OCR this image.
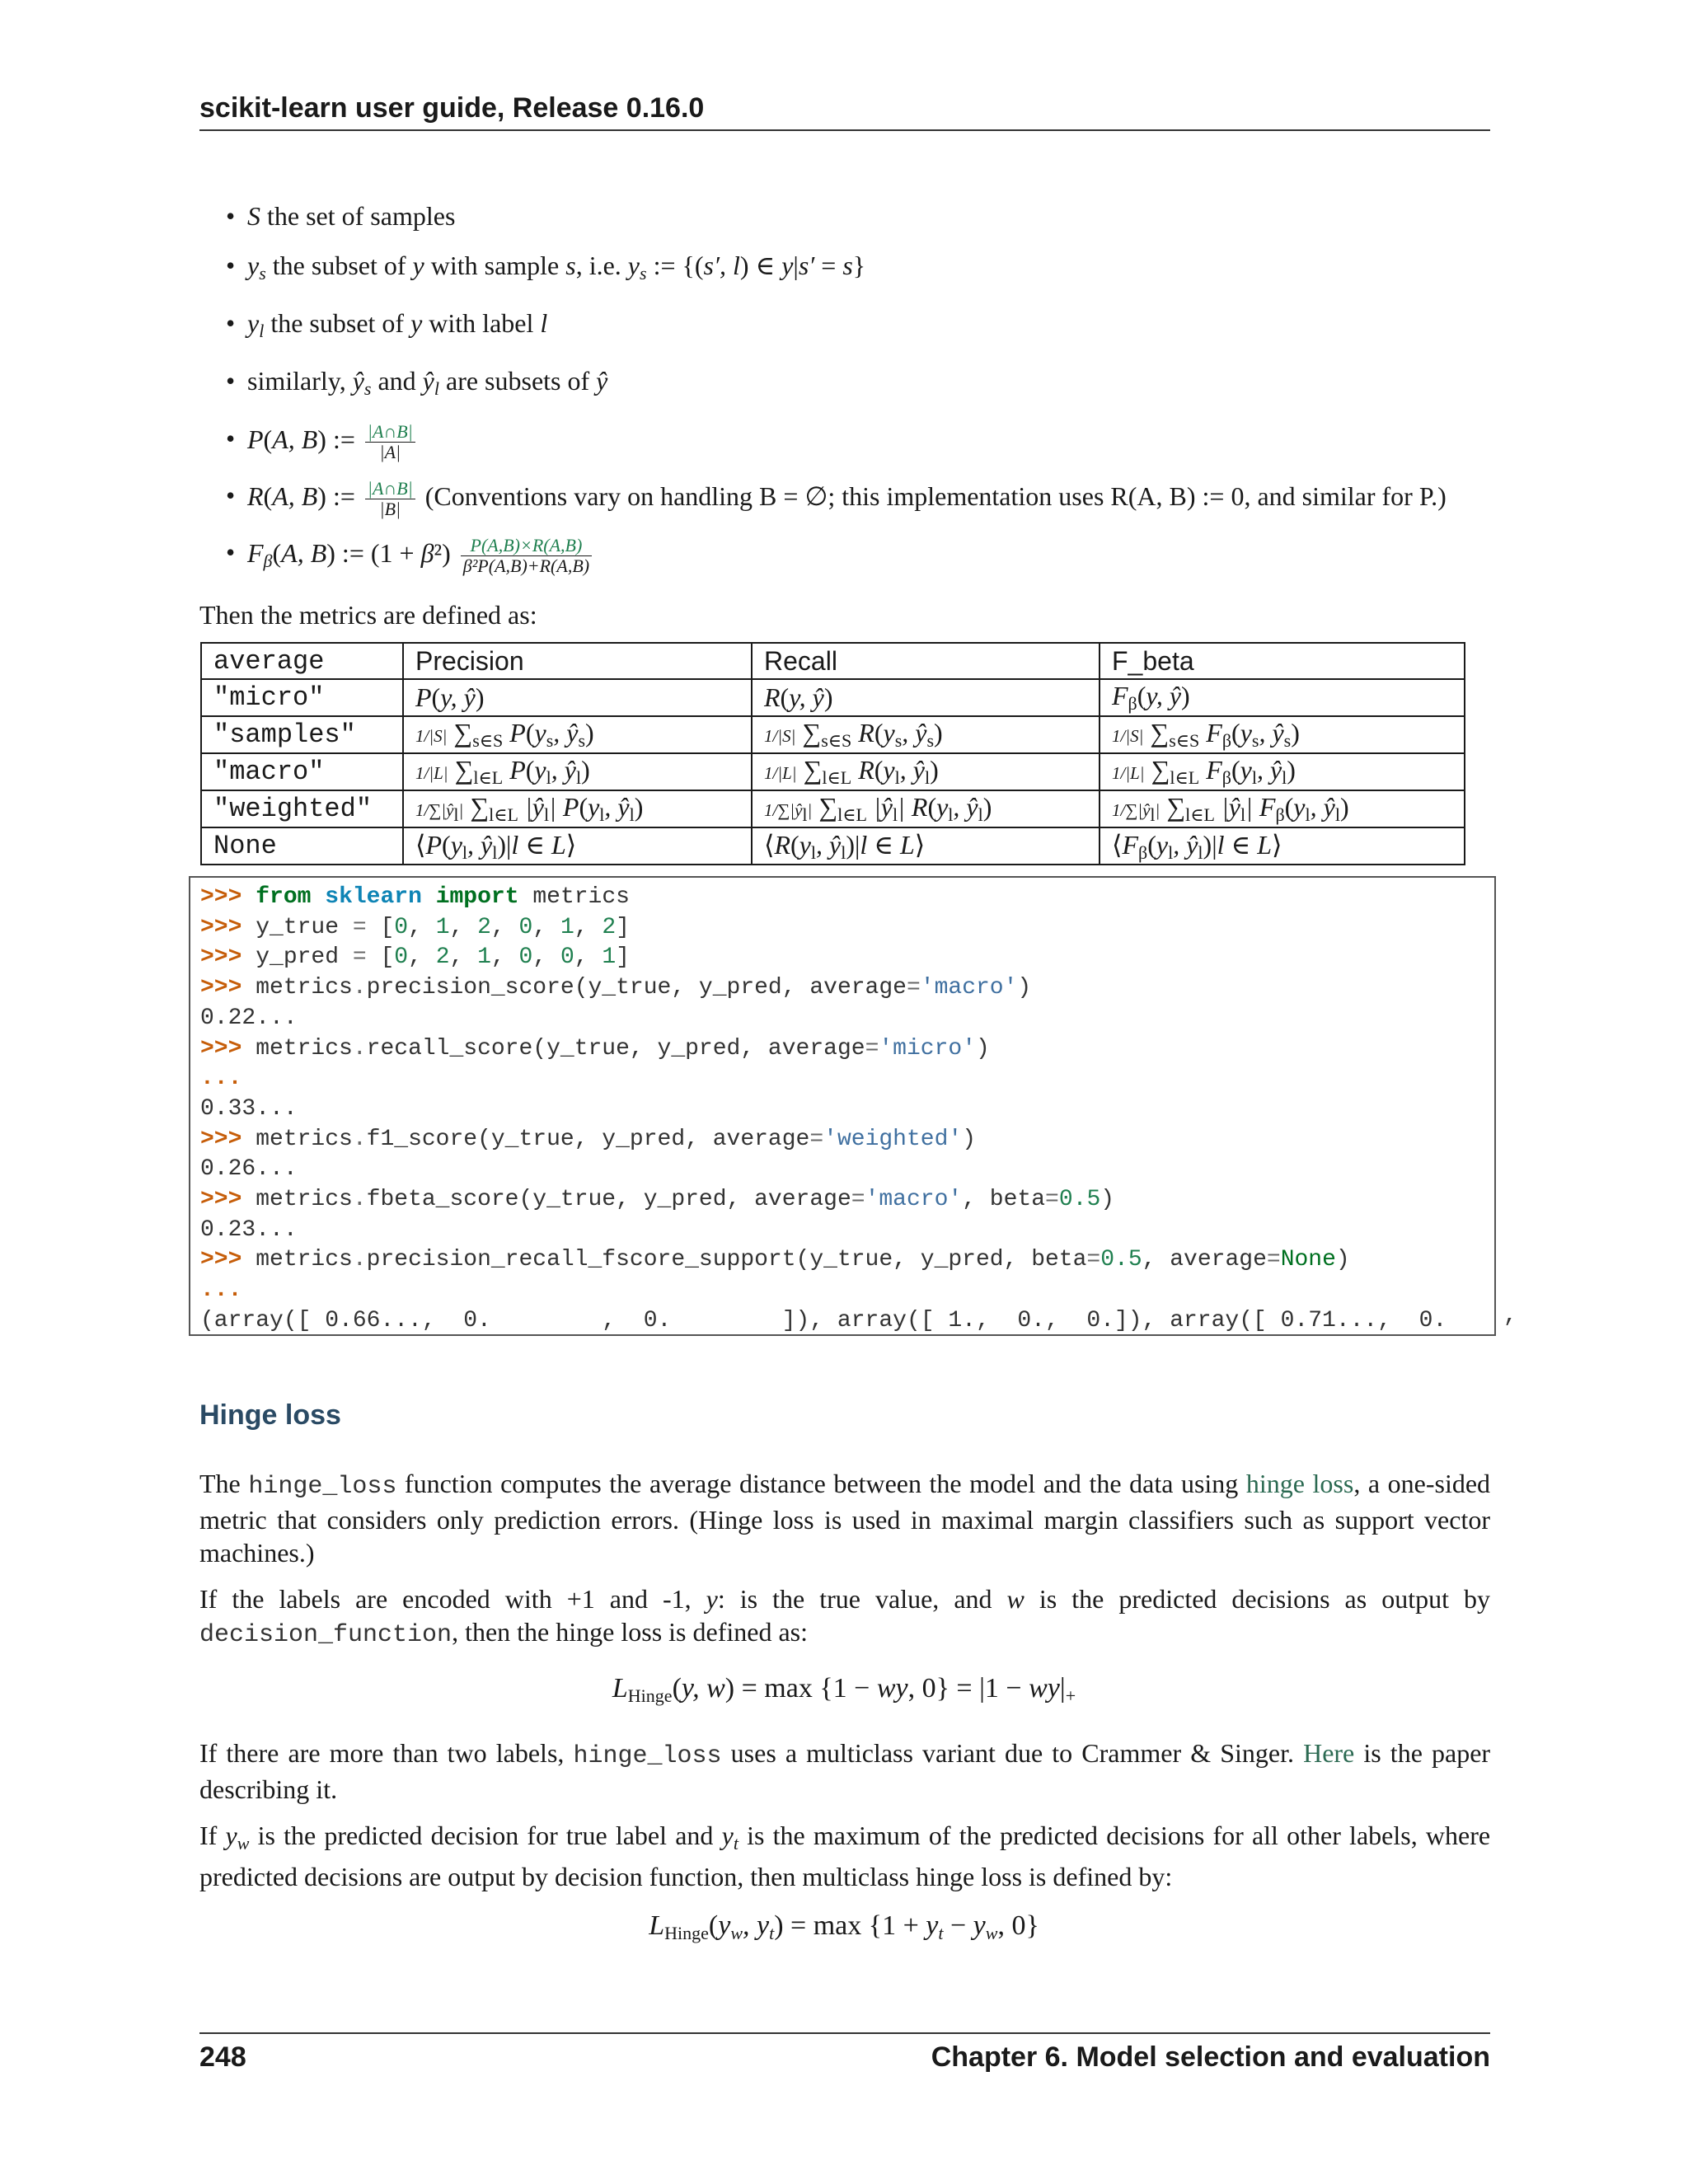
scikit-learn user guide, Release 0.16.0
• S the set of samples
• $y_s$ the subset of y with sample s, i.e. $y_s$ := {(s′, l) ∈ y|s′ = s}
• $y_l$ the subset of y with label l
• similarly, $ŷ_s$ and $ŷ_l$ are subsets of ŷ
• P(A, B) := $\frac{|A\cap B|}{|A|}$
• R(A, B) := $\frac{|A\cap B|}{|B|}$ (Conventions vary on handling B = ∅; this implementation uses R(A, B) := 0, and similar for P.)
• $F_\beta(A$, B) := $(1 + \beta^2) \frac{P(A,B)\times R(A,B)}{\text{β²P(A,B)+R(A,B)}}$
Then the metrics are defined as:
average	Precision	Recall	F_beta
"micro"	P(y, ŷ)	R(y, ŷ)	$F_\beta(y$, ŷ)
"samples"	1/|S| $\sum_{s\in S}$ $P(y_s$, $ŷ_s$)	1/|S| $\sum_{s\in S}$ $R(y_s$, $ŷ_s$)	1/|S| $\sum_{s\in S}$ $F_\beta(y_s$, $ŷ_s$)
"macro"	1/|L| $\sum_{l\in L}$ $P(y_l$, $ŷ_l$)	1/|L| $\sum_{l\in L}$ $R(y_l$, $ŷ_l$)	1/|L| $\sum_{l\in L}$ $F_\beta(y_l$, $ŷ_l$)
"weighted"	1/∑|ŷl| $\sum_{l\in L}$ $|ŷ_l|$ $P(y_l$, $ŷ_l$)	1/∑|ŷl| $\sum_{l\in L}$ $|ŷ_l|$ $R(y_l$, $ŷ_l$)	1/∑|ŷl| $\sum_{l\in L}$ $|ŷ_l|$ $F_\beta(y_l$, $ŷ_l$)
None	$⟨P(y_l$, $ŷ_l)|l$ ∈ L⟩	$⟨R(y_l$, $ŷ_l)|l$ ∈ L⟩	$⟨F_\beta(y_l$, $ŷ_l)|l$ ∈ L⟩
>>> from sklearn import metrics
>>> y_true = [0, 1, 2, 0, 1, 2]
>>> y_pred = [0, 2, 1, 0, 0, 1]
>>> metrics.precision_score(y_true, y_pred, average='macro')
0.22...
>>> metrics.recall_score(y_true, y_pred, average='micro')
...
0.33...
>>> metrics.f1_score(y_true, y_pred, average='weighted')
0.26...
>>> metrics.fbeta_score(y_true, y_pred, average='macro', beta=0.5)
0.23...
>>> metrics.precision_recall_fscore_support(y_true, y_pred, beta=0.5, average=None)
...
(array([ 0.66...,  0.        ,  0.        ]), array([ 1.,  0.,  0.]), array([ 0.71...,  0.	,
Hinge loss
The hinge_loss function computes the average distance between the model and the data using hinge loss, a one-sided metric that considers only prediction errors. (Hinge loss is used in maximal margin classifiers such as support vector machines.)
If the labels are encoded with +1 and -1, y: is the true value, and w is the predicted decisions as output by decision_function, then the hinge loss is defined as:
$L_{Hinge}(y$, w) = max {1 − wy, $0\} = |1 - wy|_+$
If there are more than two labels, hinge_loss uses a multiclass variant due to Crammer & Singer. Here is the paper describing it.
If $y_w$ is the predicted decision for true label and $y_t$ is the maximum of the predicted decisions for all other labels, where predicted decisions are output by decision function, then multiclass hinge loss is defined by:
$L_{Hinge}(y_w$, $y_t) = \max \{1 + y_t - y_w$, 0}
248	Chapter 6. Model selection and evaluation
